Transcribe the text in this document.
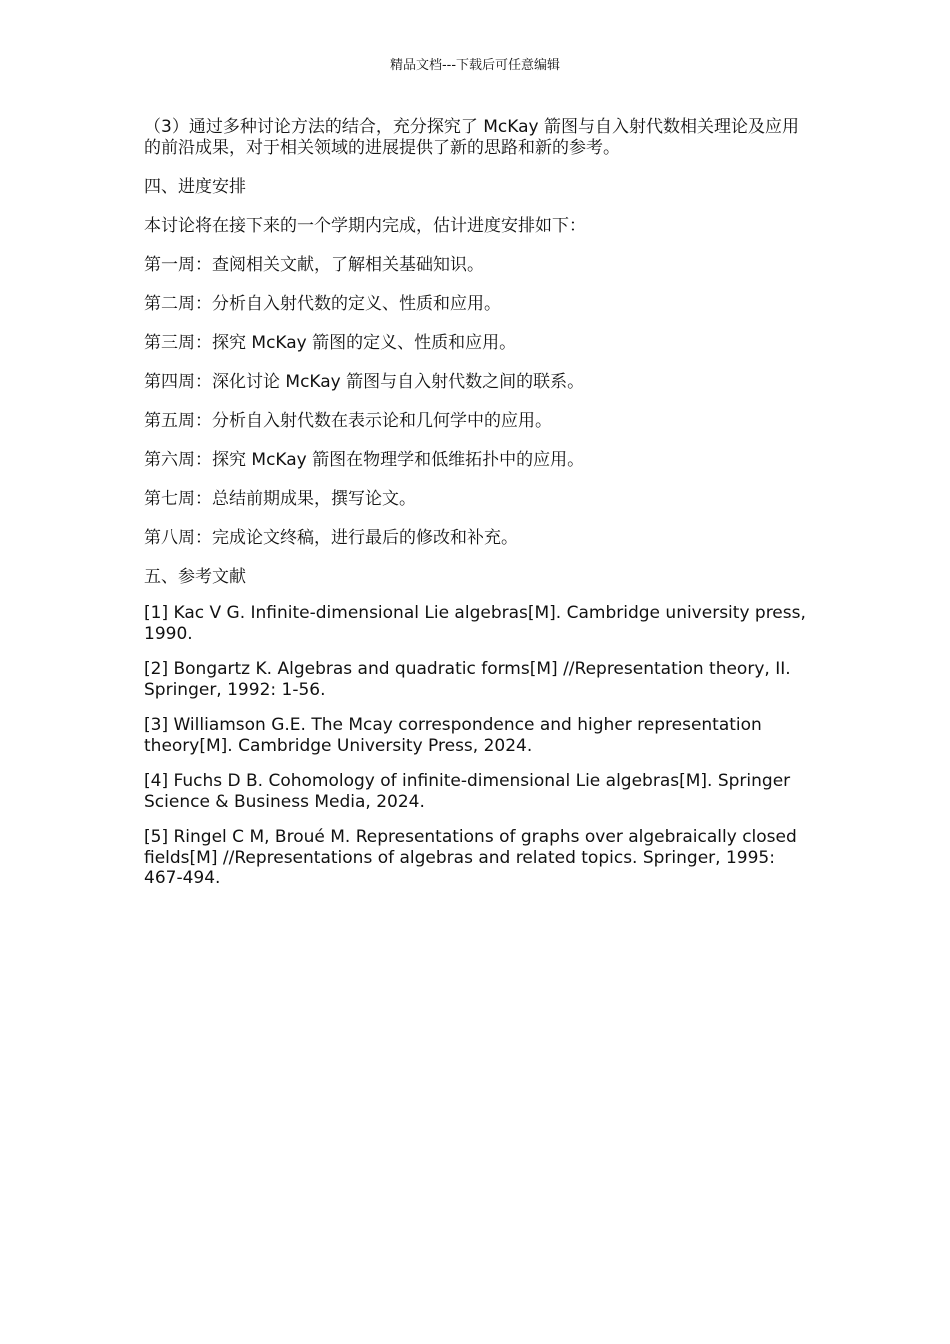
精品文档---下载后可任意编辑

（3）通过多种讨论方法的结合，充分探究了 McKay 箭图与自入射代数相关理论及应用的前沿成果，对于相关领域的进展提供了新的思路和新的参考。

四、进度安排
本讨论将在接下来的一个学期内完成，估计进度安排如下：
第一周：查阅相关文献，了解相关基础知识。
第二周：分析自入射代数的定义、性质和应用。
第三周：探究 McKay 箭图的定义、性质和应用。
第四周：深化讨论 McKay 箭图与自入射代数之间的联系。
第五周：分析自入射代数在表示论和几何学中的应用。
第六周：探究 McKay 箭图在物理学和低维拓扑中的应用。
第七周：总结前期成果，撰写论文。
第八周：完成论文终稿，进行最后的修改和补充。
五、参考文献

[1] Kac V G. Infinite-dimensional Lie algebras[M]. Cambridge university press, 1990.

[2] Bongartz K. Algebras and quadratic forms[M] //Representation theory, II. Springer, 1992: 1-56.

[3] Williamson G.E. The Mcay correspondence and higher representation theory[M]. Cambridge University Press, 2024.

[4] Fuchs D B. Cohomology of infinite-dimensional Lie algebras[M]. Springer Science & Business Media, 2024.

[5] Ringel C M, Broué M. Representations of graphs over algebraically closed fields[M] //Representations of algebras and related topics. Springer, 1995: 467-494.
